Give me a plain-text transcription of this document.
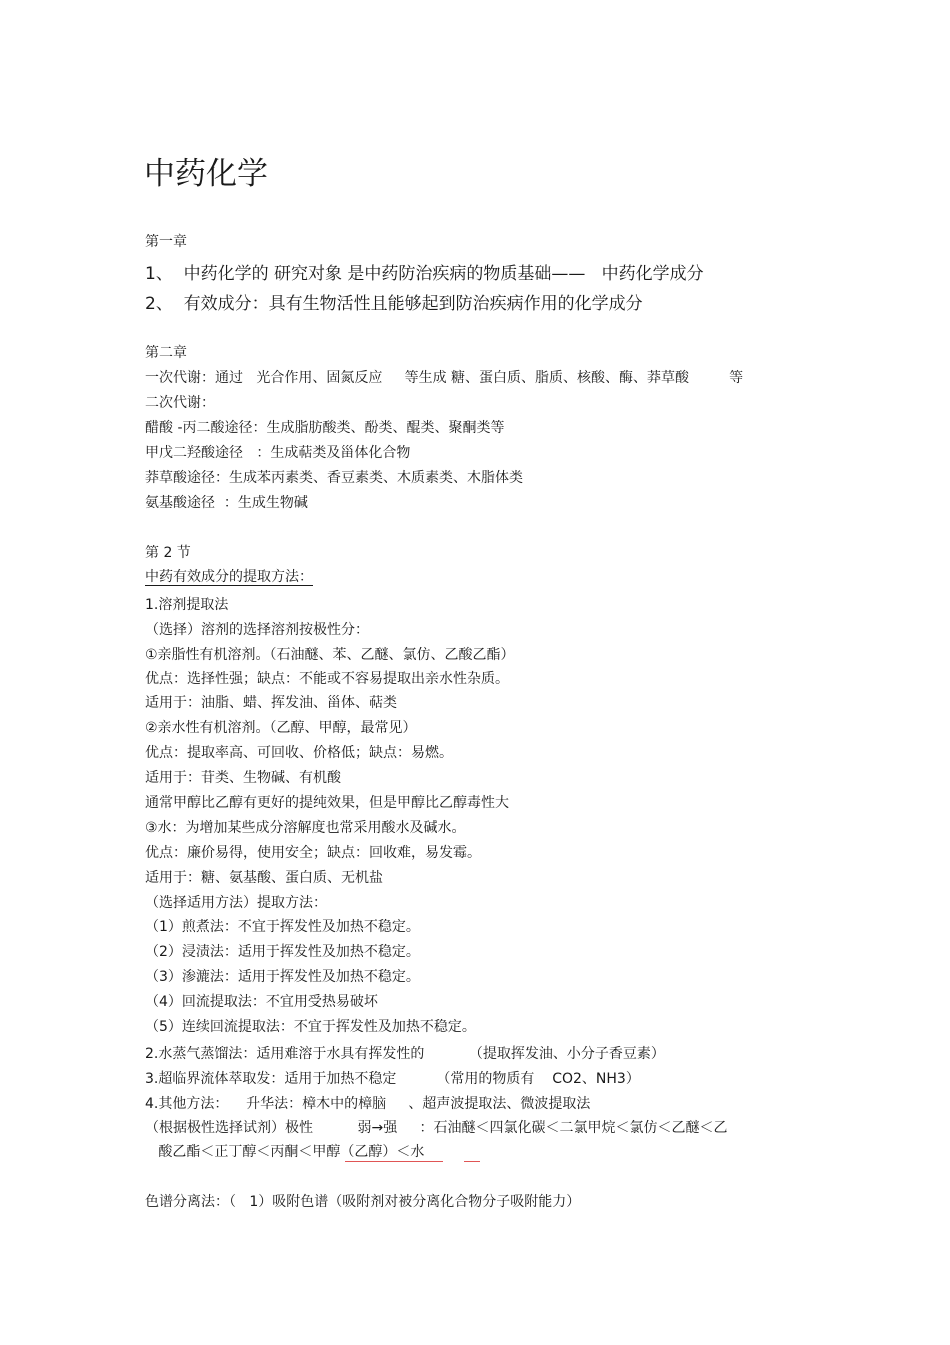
中药化学
第一章
1、  中药化学的 研究对象 是中药防治疾病的物质基础——   中药化学成分
2、  有效成分：具有生物活性且能够起到防治疾病作用的化学成分
第二章
一次代谢：通过   光合作用、固氮反应     等生成 糖、蛋白质、脂质、核酸、酶、莽草酸         等
二次代谢：
醋酸 -丙二酸途径：生成脂肪酸类、酚类、醌类、聚酮类等
甲戊二羟酸途径   ：生成萜类及甾体化合物
莽草酸途径：生成苯丙素类、香豆素类、木质素类、木脂体类
氨基酸途径  ：生成生物碱
第 2 节
中药有效成分的提取方法：
1.溶剂提取法
（选择）溶剂的选择溶剂按极性分：
①亲脂性有机溶剂。（石油醚、苯、乙醚、氯仿、乙酸乙酯）
优点：选择性强；缺点：不能或不容易提取出亲水性杂质。
适用于：油脂、蜡、挥发油、甾体、萜类
②亲水性有机溶剂。（乙醇、甲醇，最常见）
优点：提取率高、可回收、价格低；缺点：易燃。
适用于：苷类、生物碱、有机酸
通常甲醇比乙醇有更好的提纯效果，但是甲醇比乙醇毒性大
③水：为增加某些成分溶解度也常采用酸水及碱水。
优点：廉价易得，使用安全；缺点：回收难，易发霉。
适用于：糖、氨基酸、蛋白质、无机盐
（选择适用方法）提取方法：
（1）煎煮法：不宜于挥发性及加热不稳定。
（2）浸渍法：适用于挥发性及加热不稳定。
（3）渗漉法：适用于挥发性及加热不稳定。
（4）回流提取法：不宜用受热易破坏
（5）连续回流提取法：不宜于挥发性及加热不稳定。
2.水蒸气蒸馏法：适用难溶于水具有挥发性的          （提取挥发油、小分子香豆素）
3.超临界流体萃取发：适用于加热不稳定         （常用的物质有    CO2、NH3）
4.其他方法：    升华法：樟木中的樟脑     、超声波提取法、微波提取法
（根据极性选择试剂）极性          弱→强     ：石油醚＜四氯化碳＜二氯甲烷＜氯仿＜乙醚＜乙
酸乙酯＜正丁醇＜丙酮＜甲醇（乙醇）＜水
色谱分离法：（   1）吸附色谱（吸附剂对被分离化合物分子吸附能力）
